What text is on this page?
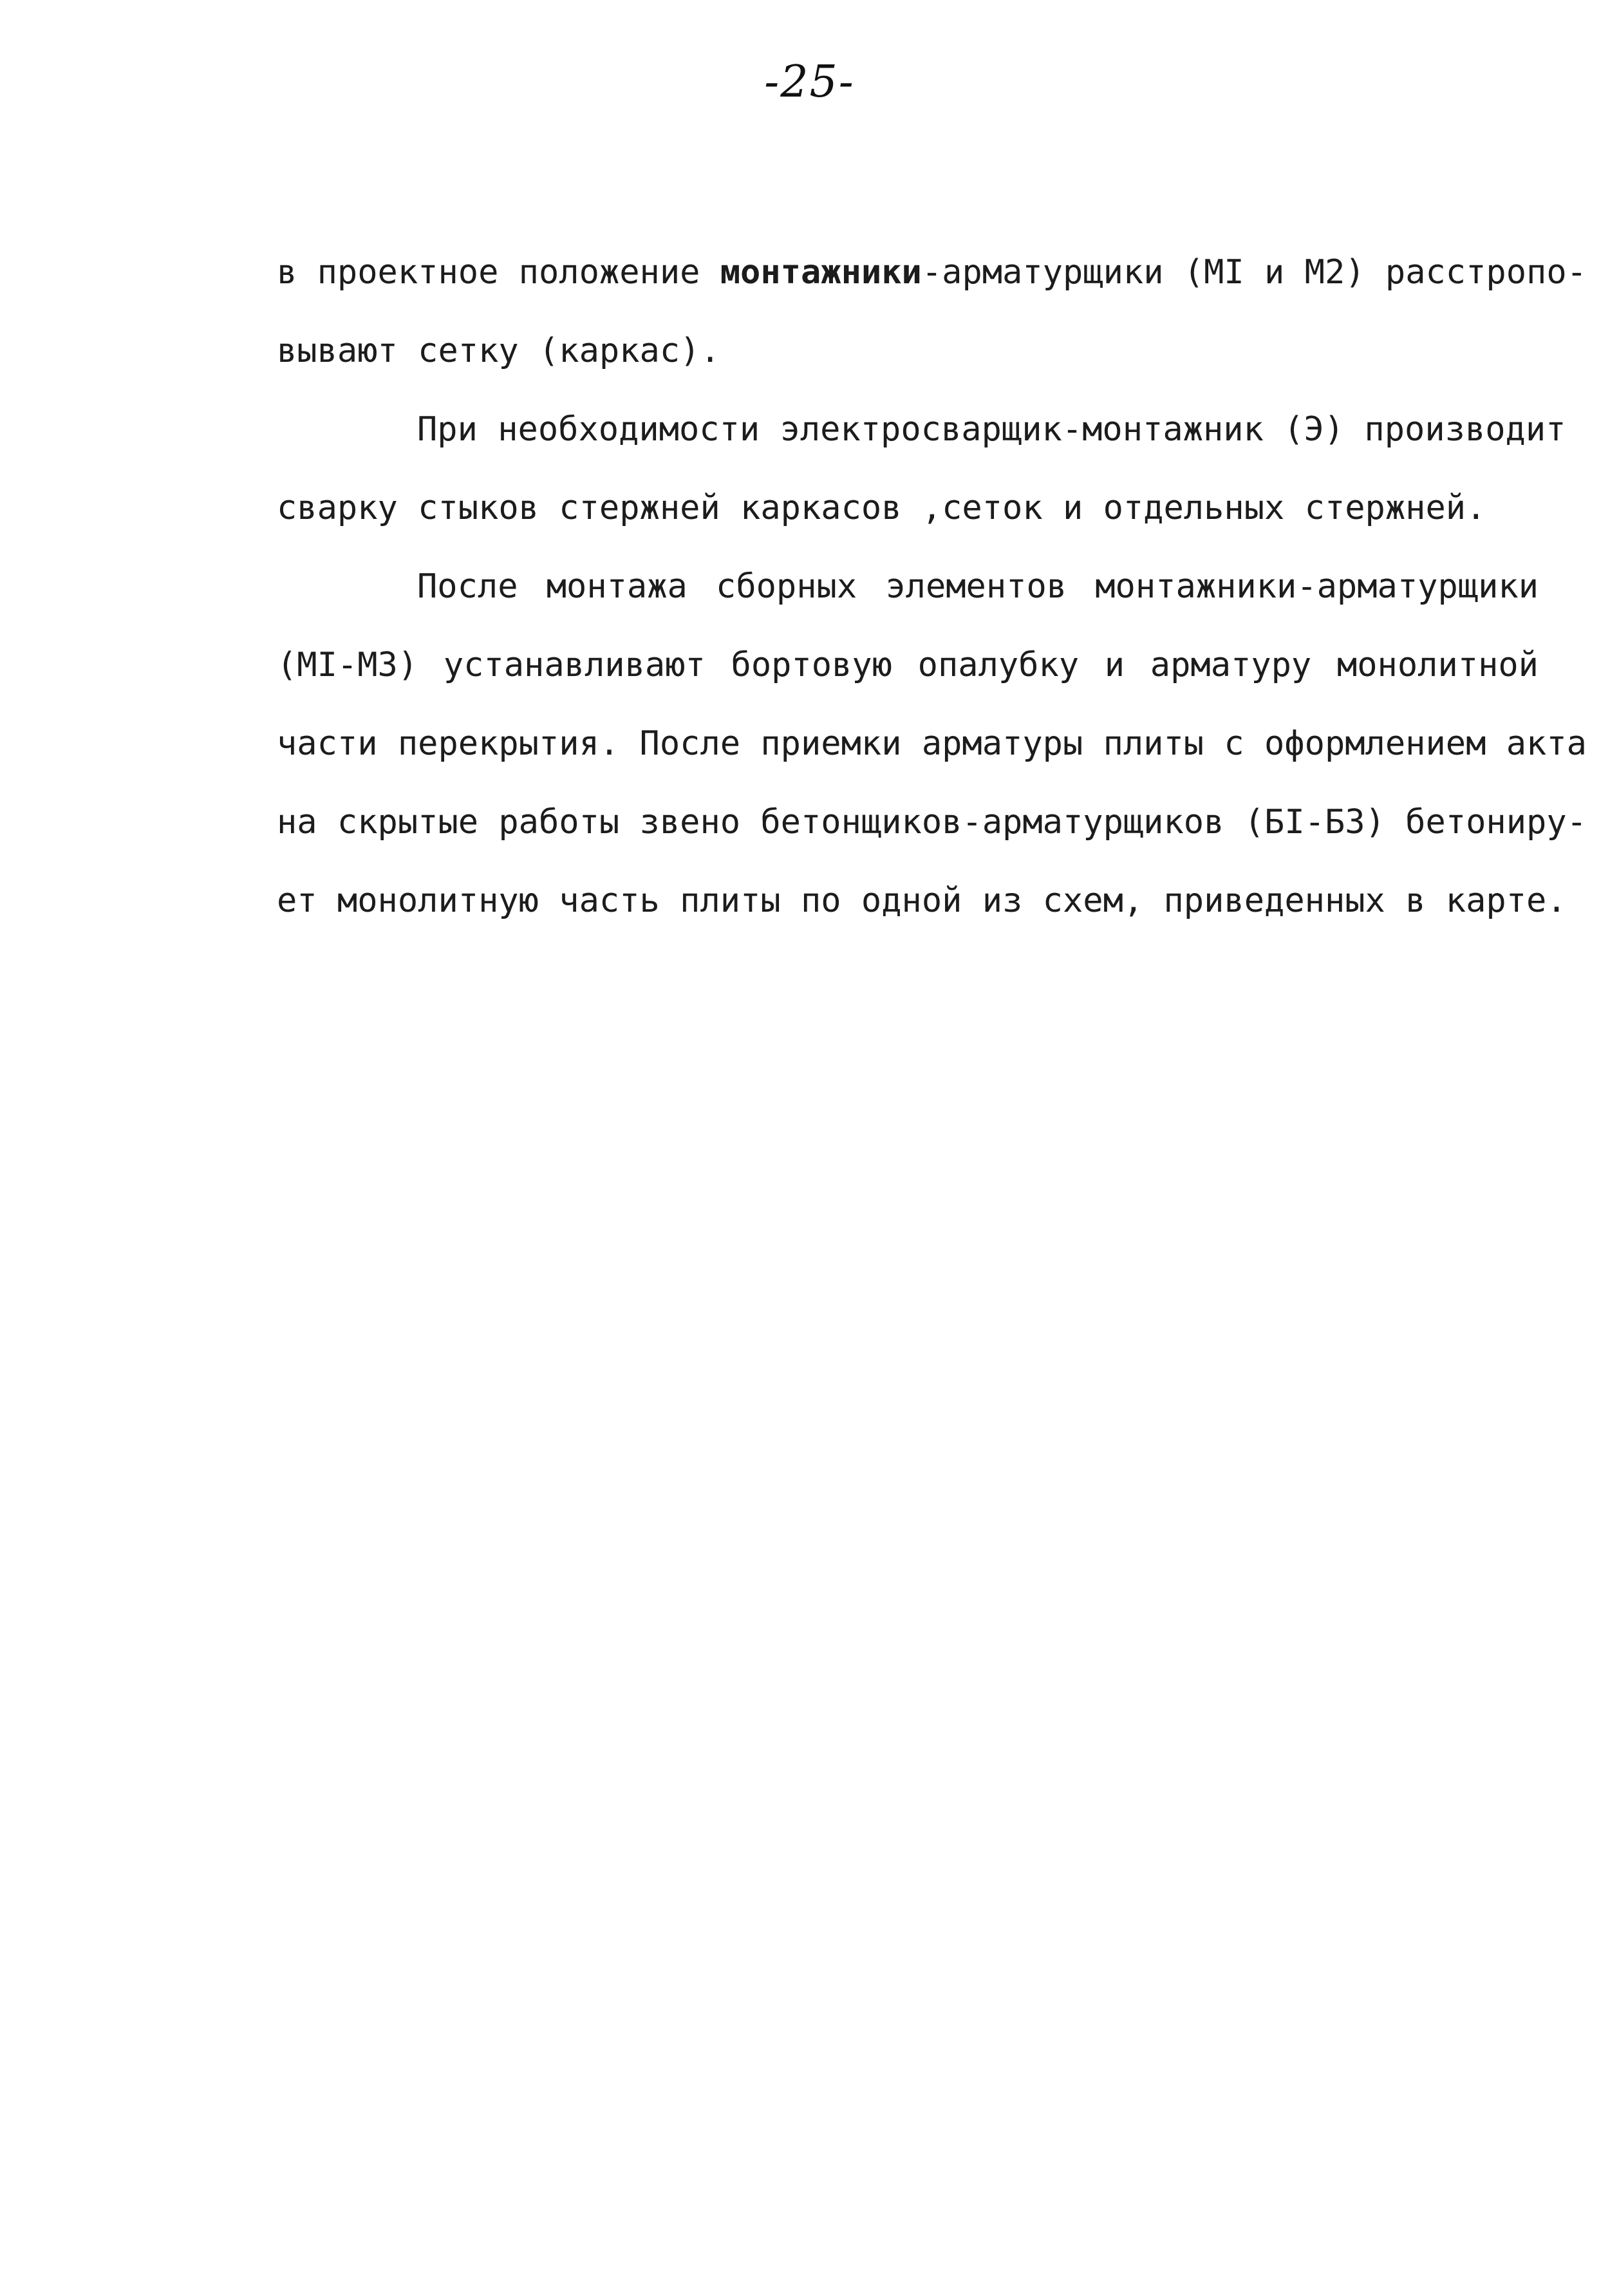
-25-
в проектное положение монтажники-арматурщики (МI и М2) расстропо-
вывают сетку (каркас).
При необходимости электросварщик-монтажник (Э) производит
сварку стыков стержней каркасов ,сеток и отдельных стержней.
После монтажа сборных элементов монтажники-арматурщики
(МI-М3) устанавливают бортовую опалубку и арматуру монолитной
части перекрытия. После приемки арматуры плиты с оформлением акта
на скрытые работы звено бетонщиков-арматурщиков (БI-Б3) бетониру-
ет монолитную часть плиты по одной из схем, приведенных в карте.
